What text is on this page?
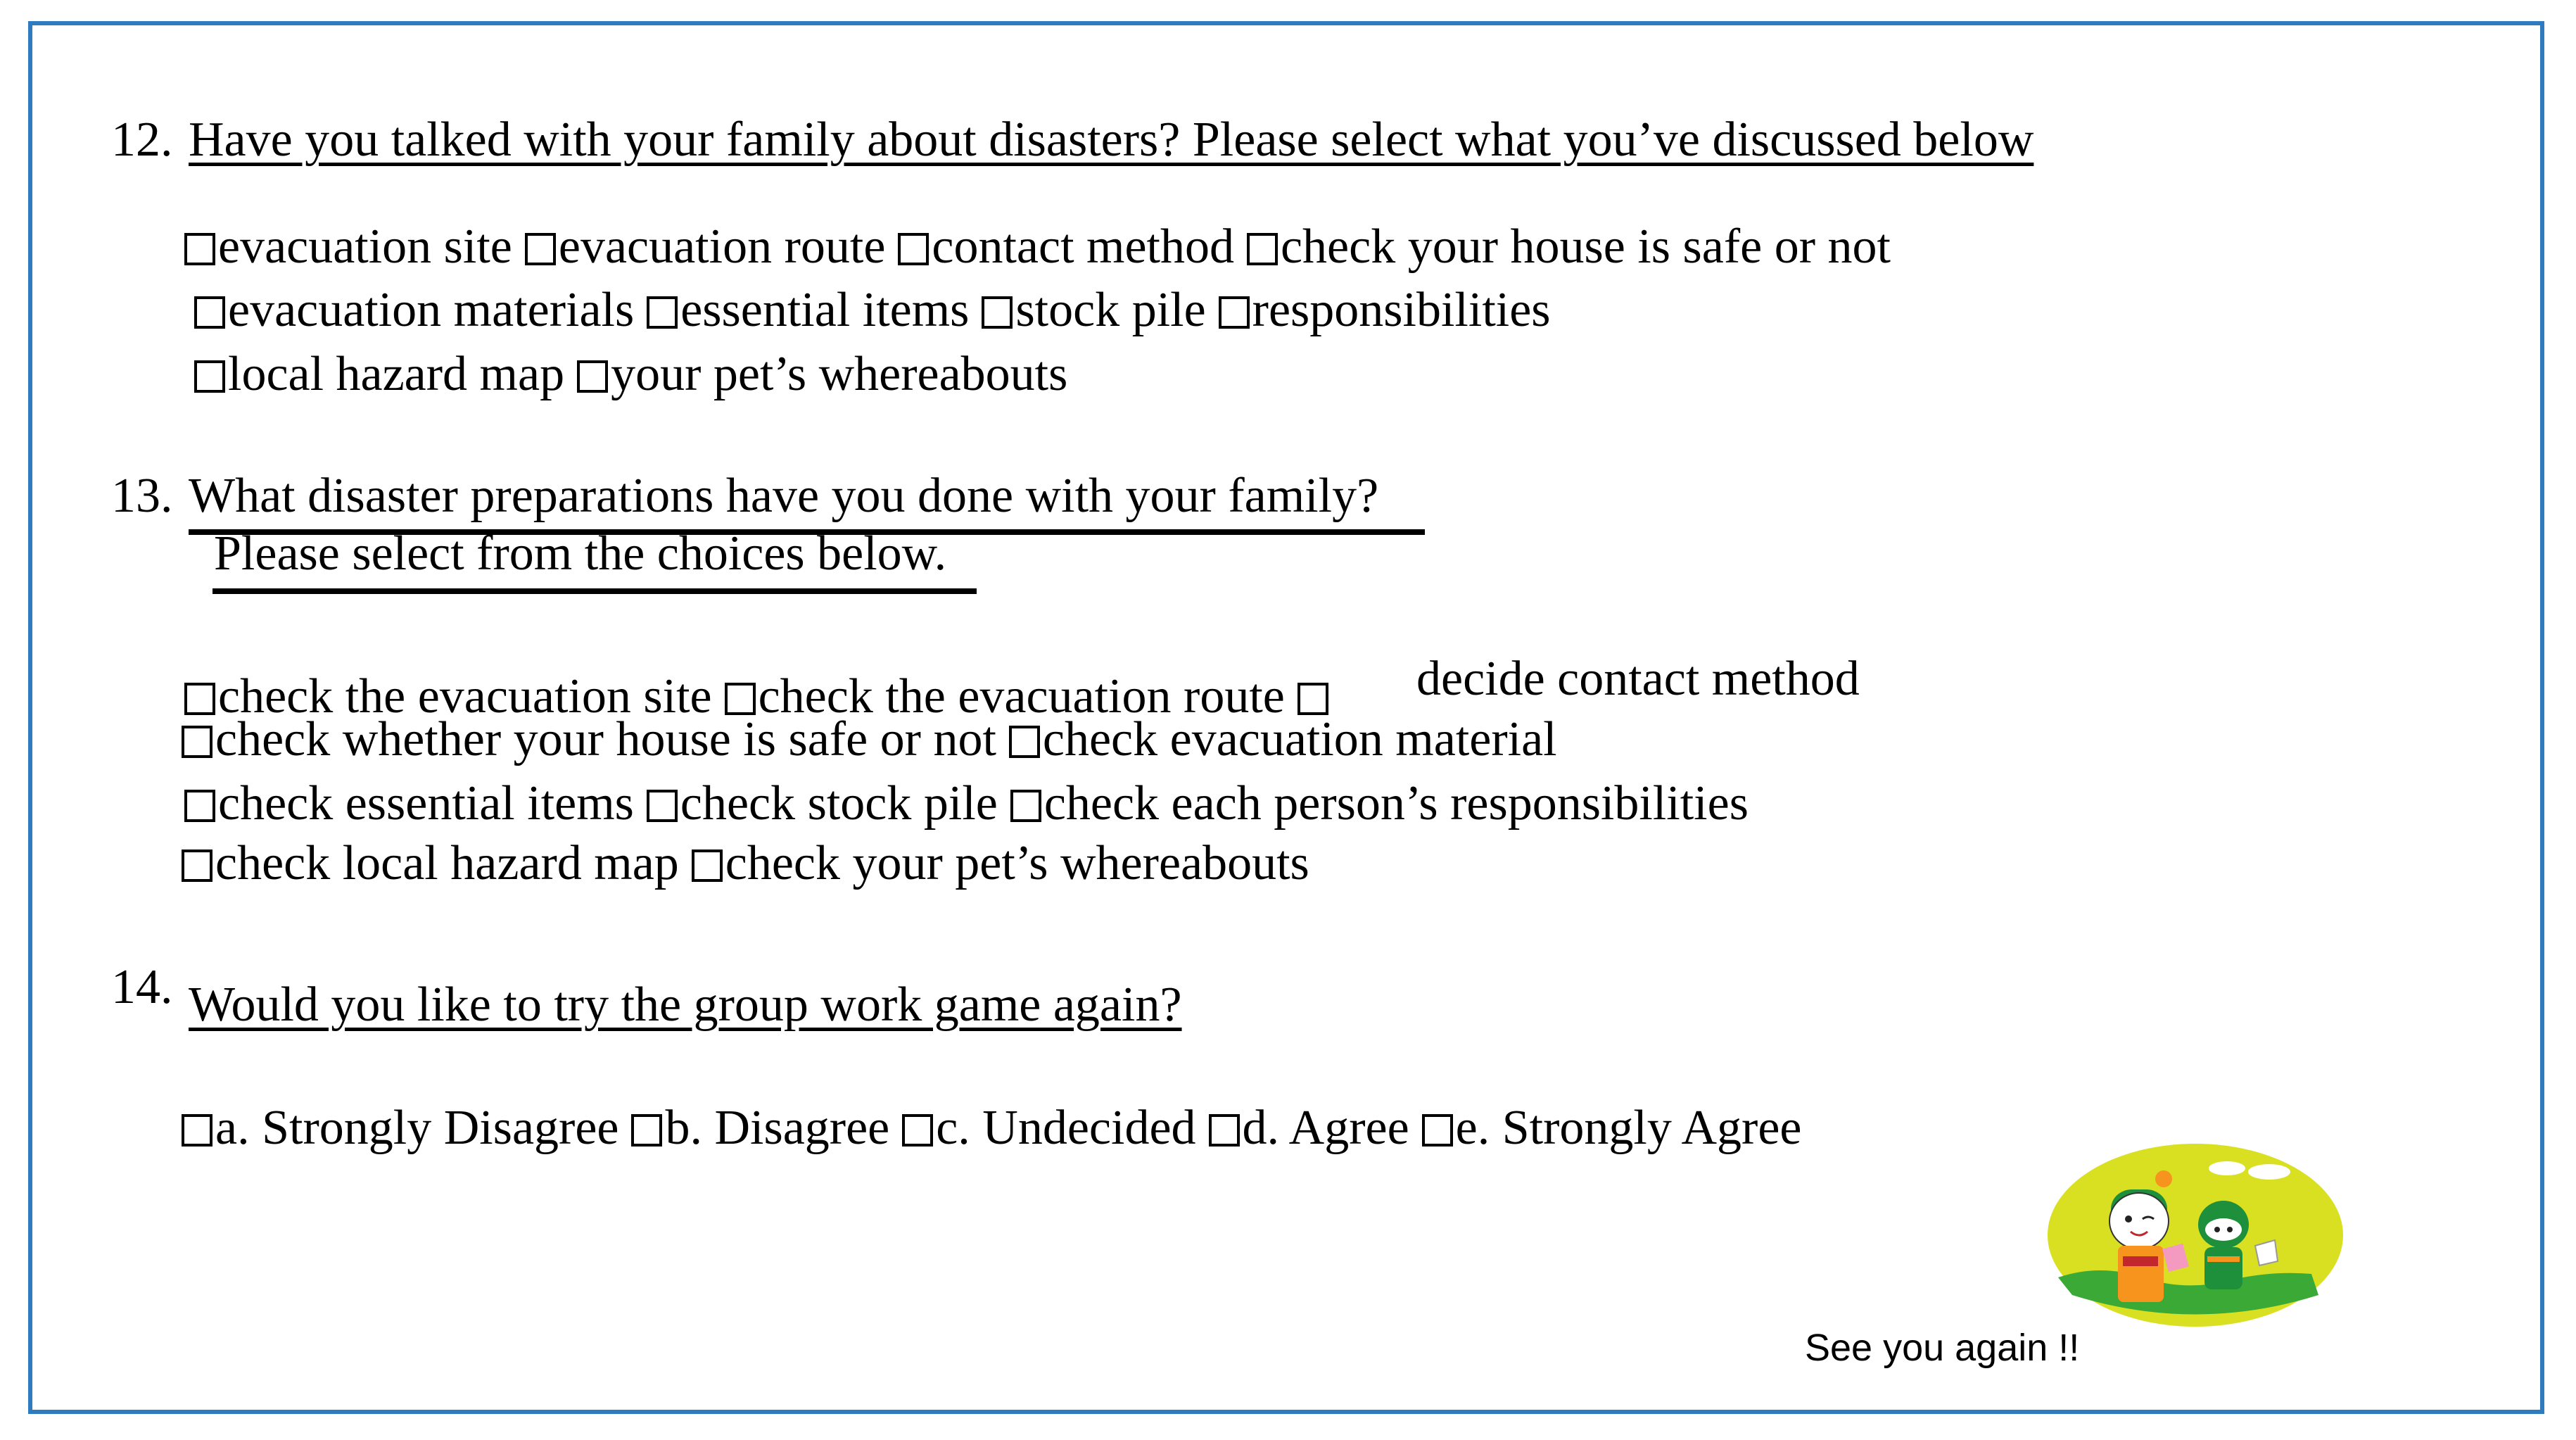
12. Have you talked with your family about disasters? Please select what you’ve discussed below
evacuation site evacuation route contact method check your house is safe or not
evacuation materials essential items stock pile responsibilities
local hazard map your pet’s whereabouts
13. What disaster preparations have you done with your family?
Please select from the choices below.
check the evacuation site check the evacuation route	decide contact method
check whether your house is safe or not check evacuation material
check essential items check stock pile check each person’s responsibilities
check local hazard map check your pet’s whereabouts
14. Would you like to try the group work game again?
a. Strongly Disagree b. Disagree c. Undecided d. Agree e. Strongly Agree
See you again !!
